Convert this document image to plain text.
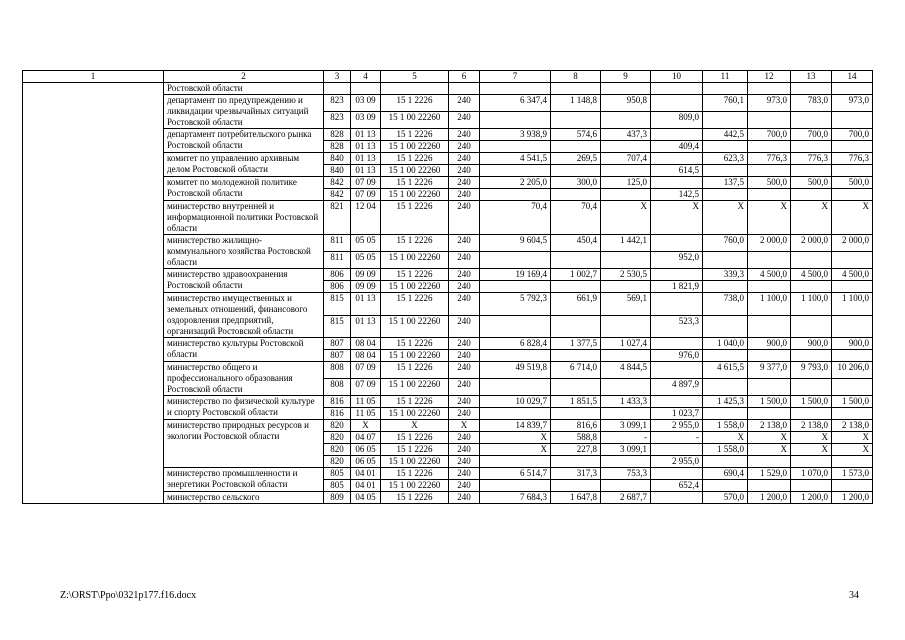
1	2	3	4	5	6	7	8	9	10	11	12	13	14
	Ростовской области												
	департамент по предупреждению и ликвидации чрезвычайных ситуаций Ростовской области	823	03 09	15 1 2226	240	6 347,4	1 148,8	950,8		760,1	973,0	783,0	973,0
		823	03 09	15 1 00 22260	240				809,0				
	департамент потребительского рынка Ростовской области	828	01 13	15 1 2226	240	3 938,9	574,6	437,3		442,5	700,0	700,0	700,0
		828	01 13	15 1 00 22260	240				409,4				
	комитет по управлению архивным делом Ростовской области	840	01 13	15 1 2226	240	4 541,5	269,5	707,4		623,3	776,3	776,3	776,3
		840	01 13	15 1 00 22260	240				614,5				
	комитет по молодежной политике Ростовской области	842	07 09	15 1 2226	240	2 205,0	300,0	125,0		137,5	500,0	500,0	500,0
		842	07 09	15 1 00 22260	240				142,5				
	министерство внутренней и информационной политики Ростовской области	821	12 04	15 1 2226	240	70,4	70,4	Х	Х	Х	Х	Х	Х
	министерство жилищно-коммунального хозяйства Ростовской области	811	05 05	15 1 2226	240	9 604,5	450,4	1 442,1		760,0	2 000,0	2 000,0	2 000,0
		811	05 05	15 1 00 22260	240				952,0				
	министерство здравоохранения Ростовской области	806	09 09	15 1 2226	240	19 169,4	1 002,7	2 530,5		339,3	4 500,0	4 500,0	4 500,0
		806	09 09	15 1 00 22260	240				1 821,9				
	министерство имущественных и земельных отношений, финансового оздоровления предприятий, организаций Ростовской области	815	01 13	15 1 2226	240	5 792,3	661,9	569,1		738,0	1 100,0	1 100,0	1 100,0
		815	01 13	15 1 00 22260	240				523,3				
	министерство культуры Ростовской области	807	08 04	15 1 2226	240	6 828,4	1 377,5	1 027,4		1 040,0	900,0	900,0	900,0
		807	08 04	15 1 00 22260	240				976,0				
	министерство общего и профессионального образования Ростовской области	808	07 09	15 1 2226	240	49 519,8	6 714,0	4 844,5		4 615,5	9 377,0	9 793,0	10 206,0
		808	07 09	15 1 00 22260	240				4 897,9				
	министерство по физической культуре и спорту Ростовской области	816	11 05	15 1 2226	240	10 029,7	1 851,5	1 433,3		1 425,3	1 500,0	1 500,0	1 500,0
		816	11 05	15 1 00 22260	240				1 023,7				
	министерство природных ресурсов и экологии Ростовской области	820	Х	Х	Х	14 839,7	816,6	3 099,1	2 955,0	1 558,0	2 138,0	2 138,0	2 138,0
		820	04 07	15 1 2226	240	Х	588,8	-	-	Х	Х	Х	Х
		820	06 05	15 1 2226	240	Х	227,8	3 099,1		1 558,0	Х	Х	Х
		820	06 05	15 1 00 22260	240				2 955,0				
	министерство промышленности и энергетики Ростовской области	805	04 01	15 1 2226	240	6 514,7	317,3	753,3		690,4	1 529,0	1 070,0	1 573,0
		805	04 01	15 1 00 22260	240				652,4				
	министерство сельского	809	04 05	15 1 2226	240	7 684,3	1 647,8	2 687,7		570,0	1 200,0	1 200,0	1 200,0
Z:\ORST\Ppo\0321p177.f16.docx	34
